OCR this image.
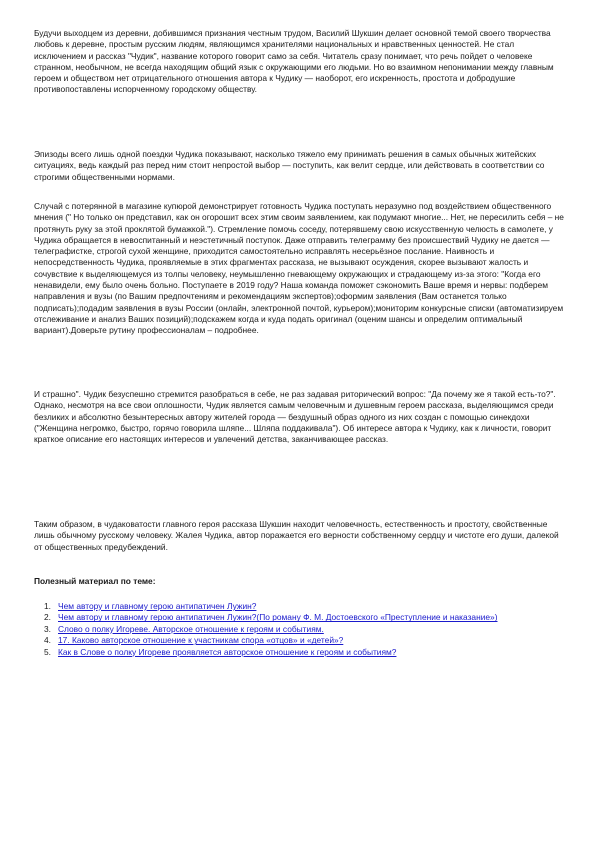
Будучи выходцем из деревни, добившимся признания честным трудом, Василий Шукшин делает основной темой своего творчества любовь к деревне, простым русским людям, являющимся хранителями национальных и нравственных ценностей. Не стал исключением и рассказ "Чудик", название которого говорит само за себя. Читатель сразу понимает, что речь пойдет о человеке странном, необычном, не всегда находящим общий язык с окружающими его людьми. Но во взаимном непонимании между главным героем и обществом нет отрицательного отношения автора к Чудику — наоборот, его искренность, простота и добродушие противопоставлены испорченному городскому обществу.

Эпизоды всего лишь одной поездки Чудика показывают, насколько тяжело ему принимать решения в самых обычных житейских ситуациях, ведь каждый раз перед ним стоит непростой выбор — поступить, как велит сердце, или действовать в соответствии со строгими общественными нормами.

Случай с потерянной в магазине купюрой демонстрирует готовность Чудика поступать неразумно под воздействием общественного мнения (" Но только он представил, как он огорошит всех этим своим заявлением, как подумают многие... Нет, не пересилить себя – не протянуть руку за этой проклятой бумажкой."). Стремление помочь соседу, потерявшему свою искусственную челюсть в самолете, у Чудика обращается в невоспитанный и неэстетичный поступок. Даже отправить телеграмму без происшествий Чудику не дается — телеграфистке, строгой сухой женщине, приходится самостоятельно исправлять несерьёзное послание. Наивность и непосредственность Чудика, проявляемые в этих фрагментах рассказа, не вызывают осуждения, скорее вызывают жалость и сочувствие к выделяющемуся из толпы человеку, неумышленно гневающему окружающих и страдающему из-за этого: "Когда его ненавидели, ему было очень больно. Поступаете в 2019 году? Наша команда поможет сэкономить Ваше время и нервы: подберем направления и вузы (по Вашим предпочтениям и рекомендациям экспертов);оформим заявления (Вам останется только подписать);подадим заявления в вузы России (онлайн, электронной почтой, курьером);мониторим конкурсные списки (автоматизируем отслеживание и анализ Ваших позиций);подскажем когда и куда подать оригинал (оценим шансы и определим оптимальный вариант).Доверьте рутину профессионалам – подробнее.

И страшно". Чудик безуспешно стремится разобраться в себе, не раз задавая риторический вопрос: "Да почему же я такой есть-то?". Однако, несмотря на все свои оплошности, Чудик является самым человечным и душевным героем рассказа, выделяющимся среди безликих и абсолютно безынтересных автору жителей города — бездушный образ одного из них создан с помощью синекдохи ("Женщина негромко, быстро, горячо говорила шляпе... Шляпа поддакивала"). Об интересе автора к Чудику, как к личности, говорит краткое описание его настоящих интересов и увлечений детства, заканчивающее рассказ.

Таким образом, в чудаковатости главного героя рассказа Шукшин находит человечность, естественность и простоту, свойственные лишь обычному русскому человеку. Жалея Чудика, автор поражается его верности собственному сердцу и чистоте его души, далекой от общественных предубеждений.

Полезный материал по теме:

1. Чем автору и главному герою антипатичен Лужин?
2. Чем автору и главному герою антипатичен Лужин?(По роману Ф. М. Достоевского «Преступление и наказание»)
3. Слово о полку Игореве. Авторское отношение к героям и событиям.
4. 17. Каково авторское отношение к участникам спора «отцов» и «детей»?
5. Как в Слове о полку Игореве проявляется авторское отношение к героям и событиям?
